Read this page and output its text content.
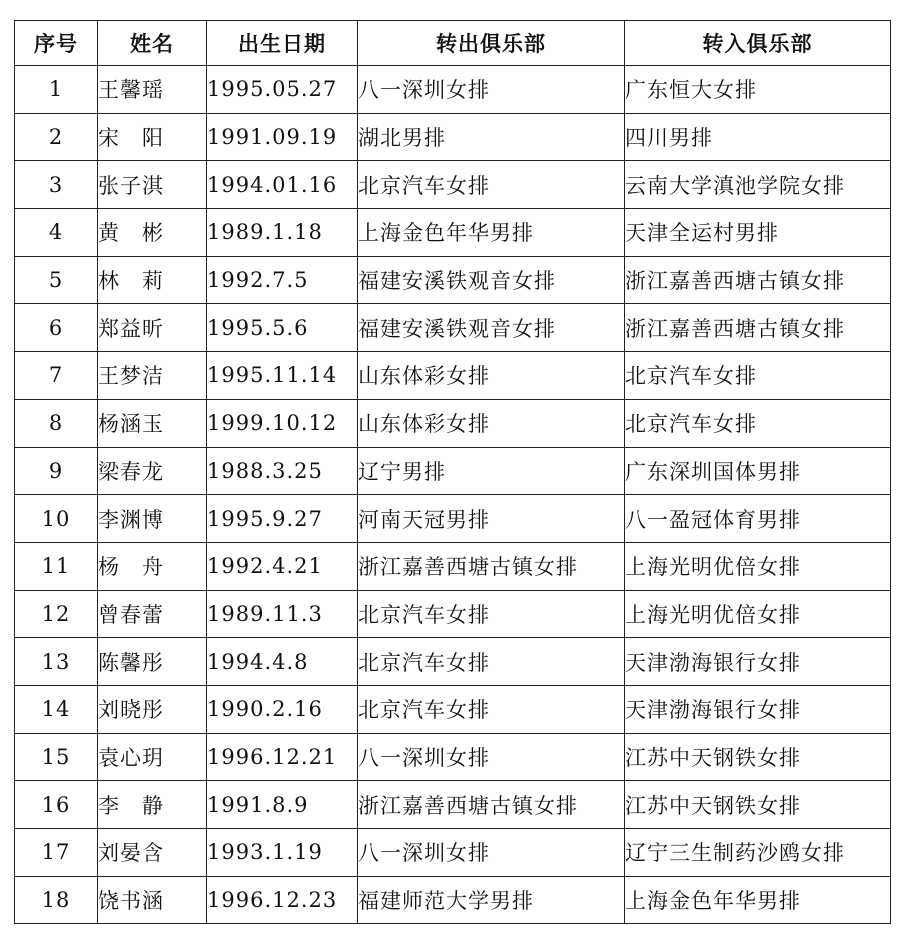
序号	姓名	出生日期	转出俱乐部	转入俱乐部
1	王馨瑶	1995.05.27	八一深圳女排	广东恒大女排
2	宋　阳	1991.09.19	湖北男排	四川男排
3	张子淇	1994.01.16	北京汽车女排	云南大学滇池学院女排
4	黄　彬	1989.1.18	上海金色年华男排	天津全运村男排
5	林　莉	1992.7.5	福建安溪铁观音女排	浙江嘉善西塘古镇女排
6	郑益昕	1995.5.6	福建安溪铁观音女排	浙江嘉善西塘古镇女排
7	王梦洁	1995.11.14	山东体彩女排	北京汽车女排
8	杨涵玉	1999.10.12	山东体彩女排	北京汽车女排
9	梁春龙	1988.3.25	辽宁男排	广东深圳国体男排
10	李渊博	1995.9.27	河南天冠男排	八一盈冠体育男排
11	杨　舟	1992.4.21	浙江嘉善西塘古镇女排	上海光明优倍女排
12	曾春蕾	1989.11.3	北京汽车女排	上海光明优倍女排
13	陈馨彤	1994.4.8	北京汽车女排	天津渤海银行女排
14	刘晓彤	1990.2.16	北京汽车女排	天津渤海银行女排
15	袁心玥	1996.12.21	八一深圳女排	江苏中天钢铁女排
16	李　静	1991.8.9	浙江嘉善西塘古镇女排	江苏中天钢铁女排
17	刘晏含	1993.1.19	八一深圳女排	辽宁三生制药沙鸥女排
18	饶书涵	1996.12.23	福建师范大学男排	上海金色年华男排
